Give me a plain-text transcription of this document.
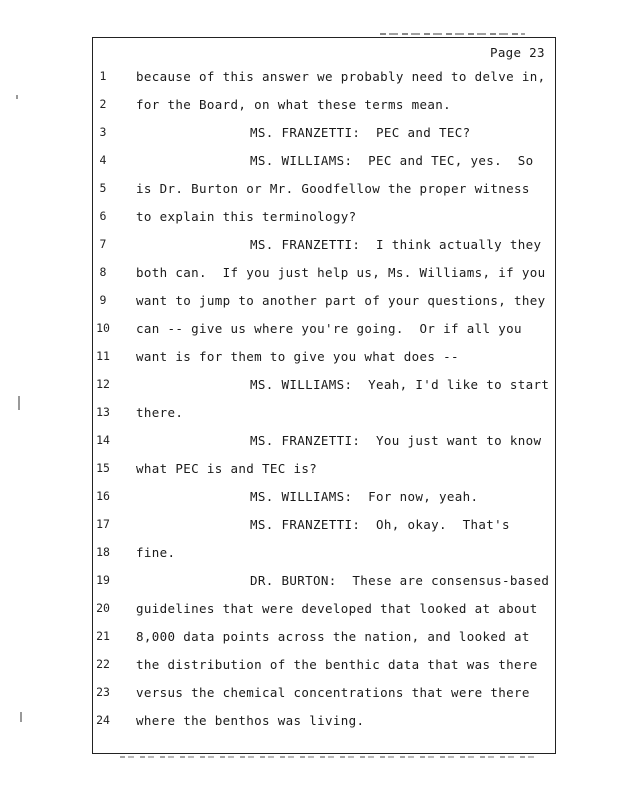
Page 23
1	because of this answer we probably need to delve in,
2	for the Board, on what these terms mean.
3	MS. FRANZETTI:  PEC and TEC?
4	MS. WILLIAMS:  PEC and TEC, yes.  So
5	is Dr. Burton or Mr. Goodfellow the proper witness
6	to explain this terminology?
7	MS. FRANZETTI:  I think actually they
8	both can.  If you just help us, Ms. Williams, if you
9	want to jump to another part of your questions, they
10	can -- give us where you're going.  Or if all you
11	want is for them to give you what does --
12	MS. WILLIAMS:  Yeah, I'd like to start
13	there.
14	MS. FRANZETTI:  You just want to know
15	what PEC is and TEC is?
16	MS. WILLIAMS:  For now, yeah.
17	MS. FRANZETTI:  Oh, okay.  That's
18	fine.
19	DR. BURTON:  These are consensus-based
20	guidelines that were developed that looked at about
21	8,000 data points across the nation, and looked at
22	the distribution of the benthic data that was there
23	versus the chemical concentrations that were there
24	where the benthos was living.
